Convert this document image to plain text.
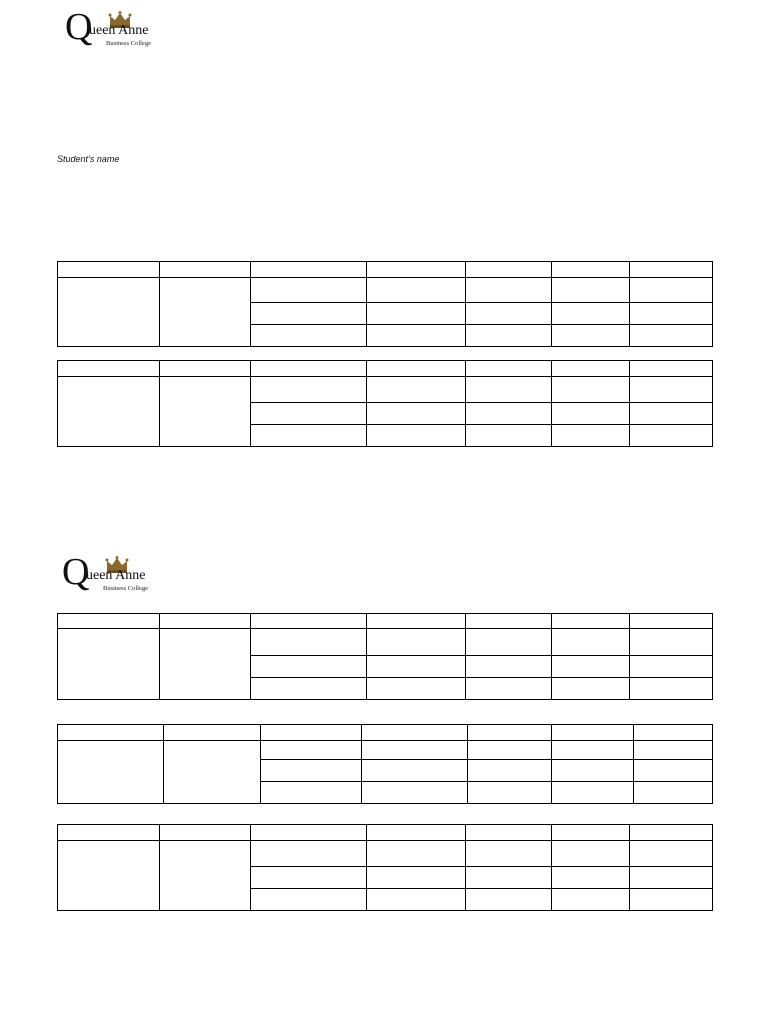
Q
ueen Anne
Business College
Student’s name

Q
ueen Anne
Business College
